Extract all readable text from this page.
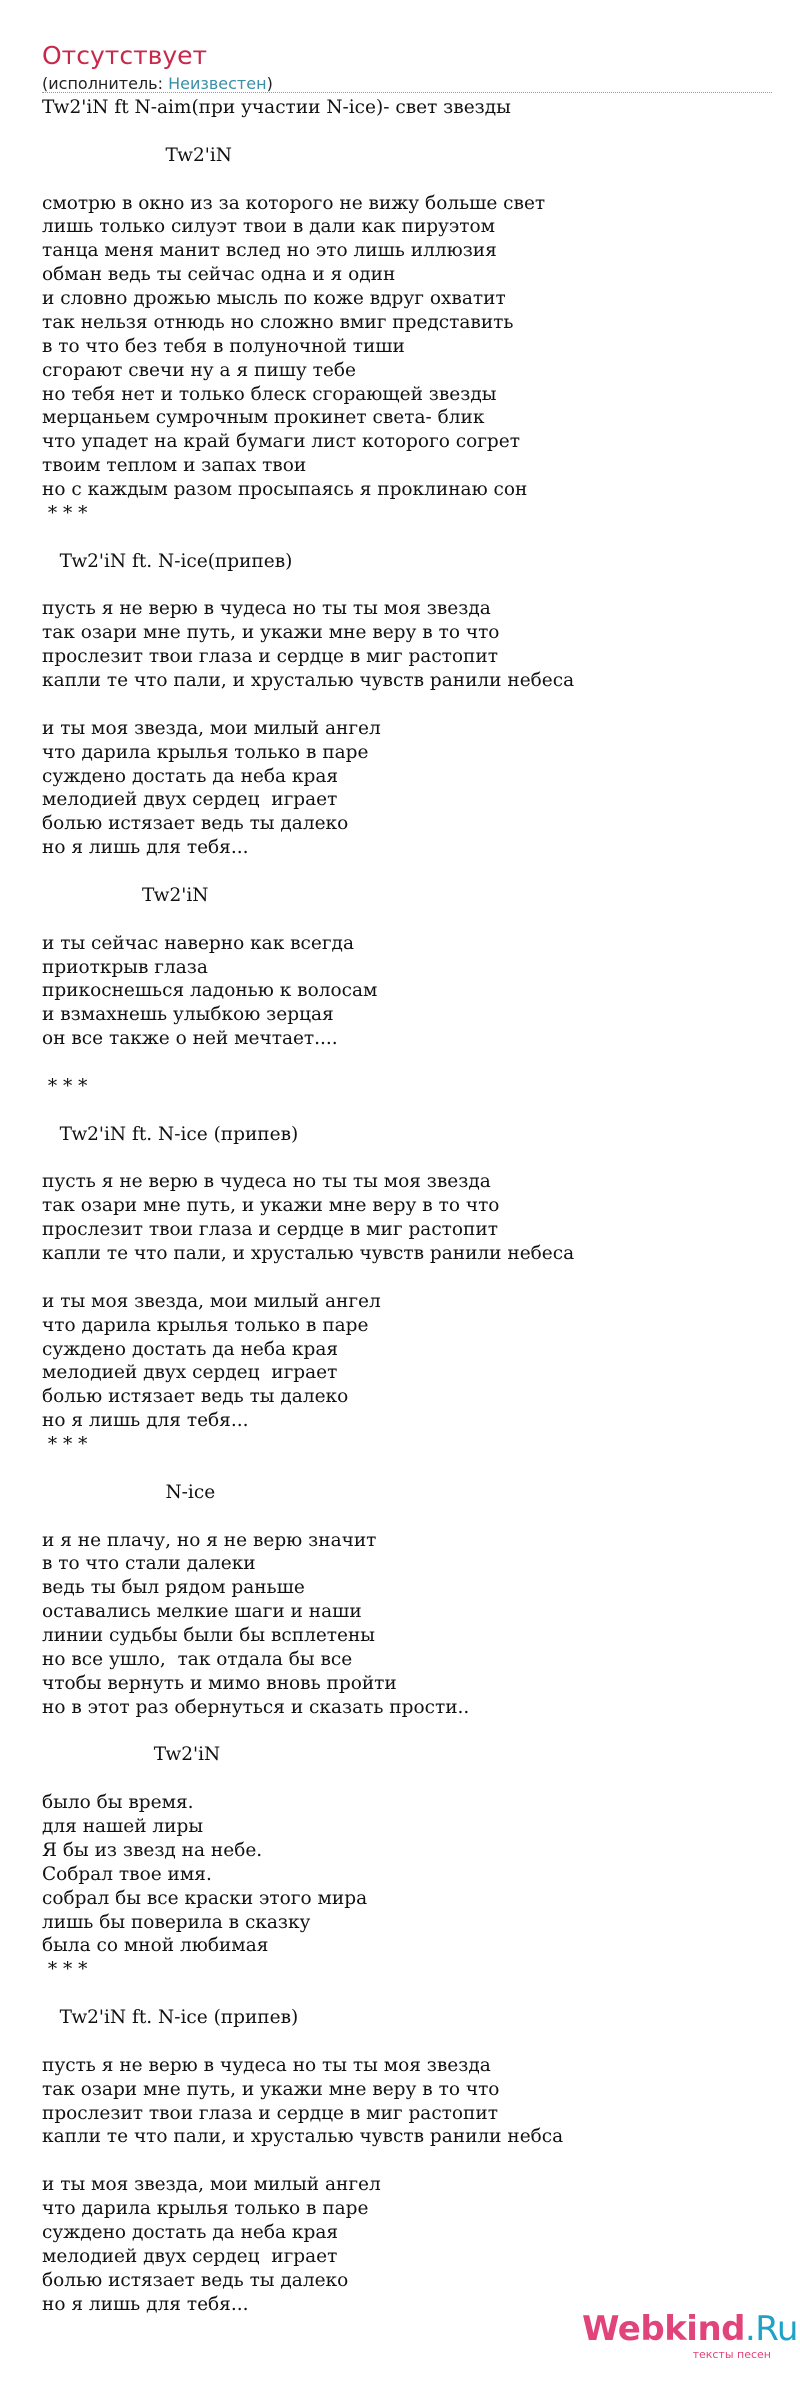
Отсутствует
(исполнитель: Неизвестен)
Tw2'iN ft N-aim(при участии N-ice)- свет звезды
Tw2'iN
смотрю в окно из за которого не вижу больше свет
лишь только силуэт твои в дали как пируэтом
танца меня манит вслед но это лишь иллюзия
обман ведь ты сейчас одна и я один
и словно дрожью мысль по коже вдруг охватит
так нельзя отнюдь но сложно вмиг представить
в то что без тебя в полуночной тиши
сгорают свечи ну а я пишу тебе
но тебя нет и только блеск сгорающей звезды
мерцаньем сумрочным прокинет света- блик
что упадет на край бумаги лист которого согрет
твоим теплом и запах твои
но с каждым разом просыпаясь я проклинаю сон
* * *
Tw2'iN ft. N-ice(припев)
пусть я не верю в чудеса но ты ты моя звезда
так озари мне путь, и укажи мне веру в то что
прослезит твои глаза и сердце в миг растопит
капли те что пали, и хрусталью чувств ранили небеса
и ты моя звезда, мои милый ангел
что дарила крылья только в паре
суждено достать да неба края
мелодией двух сердец  играет
болью истязает ведь ты далеко
но я лишь для тебя...
Tw2'iN
и ты сейчас наверно как всегда
приоткрыв глаза
прикоснешься ладонью к волосам
и взмахнешь улыбкою зерцая
он все также о ней мечтает....
* * *
Tw2'iN ft. N-ice (припев)
пусть я не верю в чудеса но ты ты моя звезда
так озари мне путь, и укажи мне веру в то что
прослезит твои глаза и сердце в миг растопит
капли те что пали, и хрусталью чувств ранили небеса
и ты моя звезда, мои милый ангел
что дарила крылья только в паре
суждено достать да неба края
мелодией двух сердец  играет
болью истязает ведь ты далеко
но я лишь для тебя...
* * *
N-ice
и я не плачу, но я не верю значит
в то что стали далеки
ведь ты был рядом раньше
оставались мелкие шаги и наши
линии судьбы были бы всплетены
но все ушло,  так отдала бы все
чтобы вернуть и мимо вновь пройти
но в этот раз обернуться и сказать прости..
Tw2'iN
было бы время.
для нашей лиры
Я бы из звезд на небе.
Собрал твое имя.
собрал бы все краски этого мира
лишь бы поверила в сказку
была со мной любимая
* * *
Tw2'iN ft. N-ice (припев)
пусть я не верю в чудеса но ты ты моя звезда
так озари мне путь, и укажи мне веру в то что
прослезит твои глаза и сердце в миг растопит
капли те что пали, и хрусталью чувств ранили небса
и ты моя звезда, мои милый ангел
что дарила крылья только в паре
суждено достать да неба края
мелодией двух сердец  играет
болью истязает ведь ты далеко
но я лишь для тебя...
Webkind.Ru
тексты песен
